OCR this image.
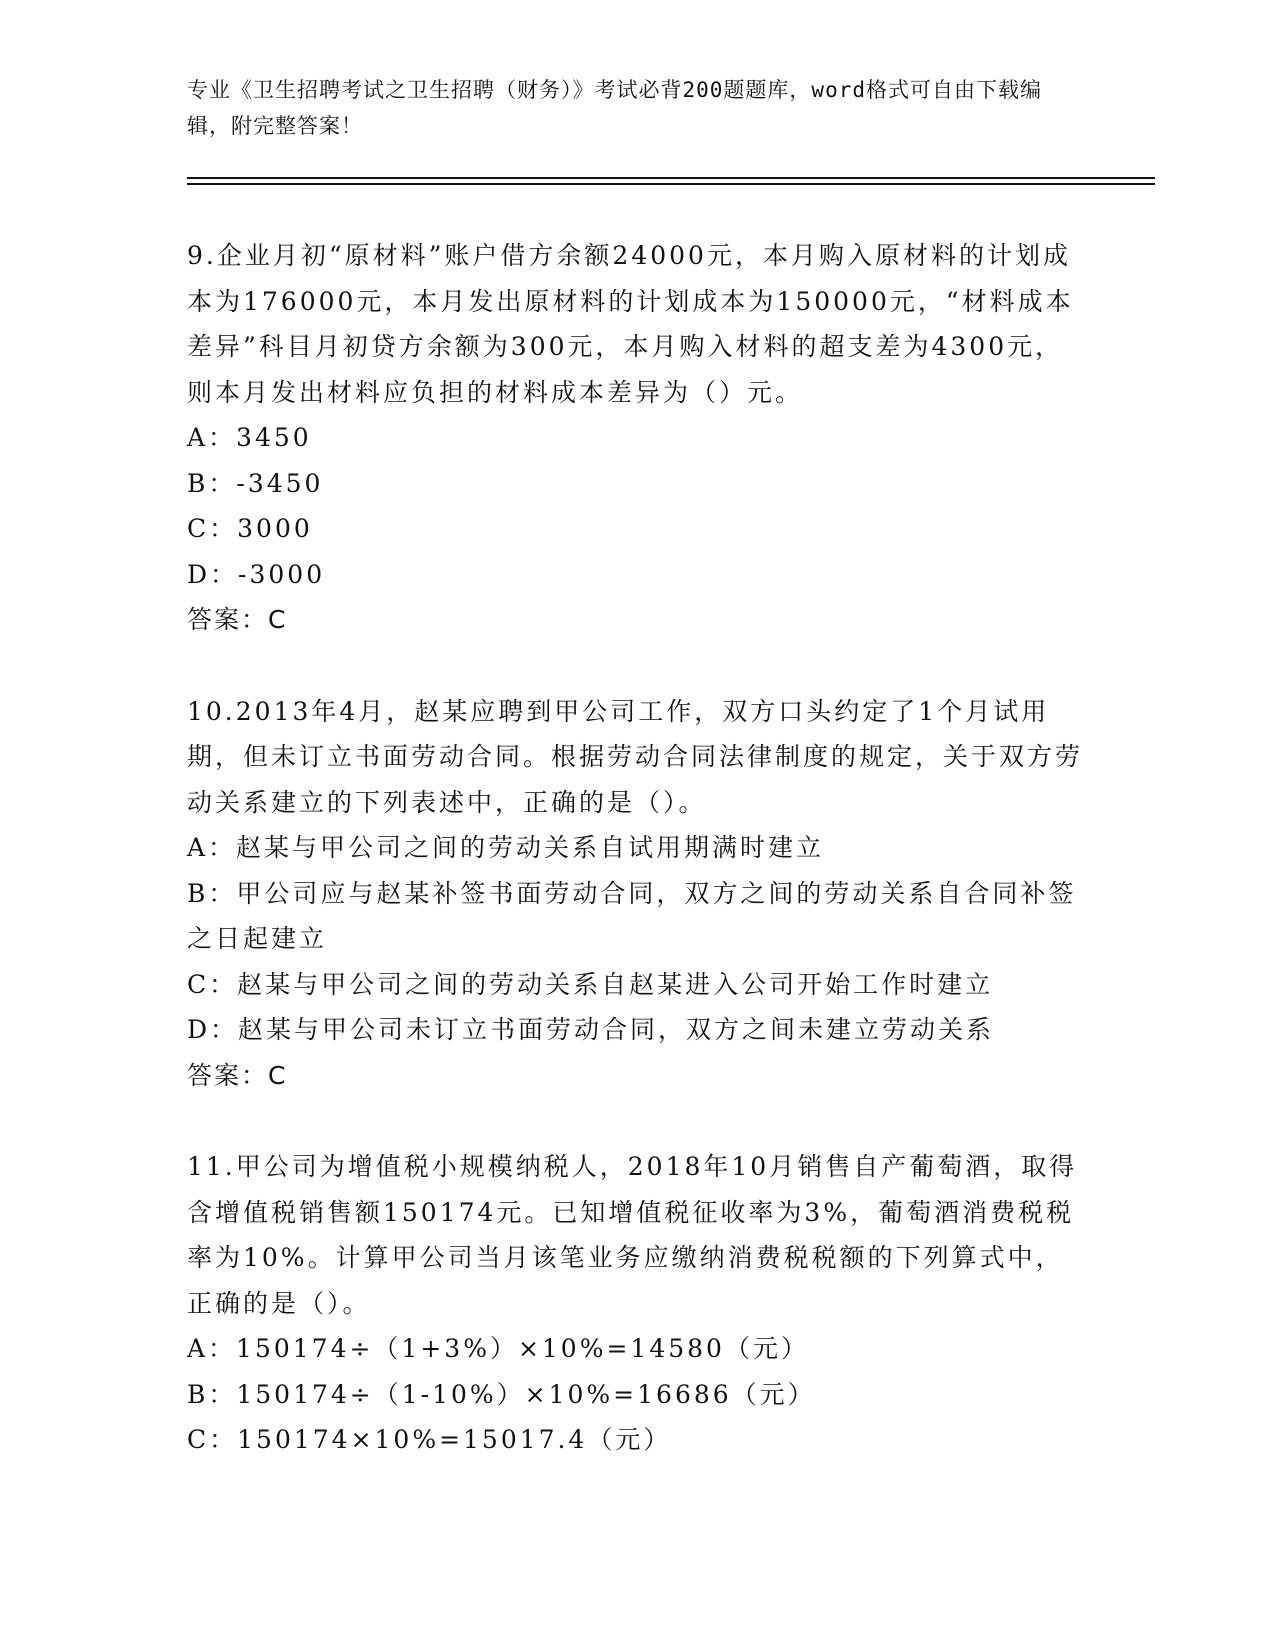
专业《卫生招聘考试之卫生招聘（财务）》考试必背200题题库，word格式可自由下载编辑，附完整答案！

9.企业月初“原材料”账户借方余额24000元，本月购入原材料的计划成本为176000元，本月发出原材料的计划成本为150000元，“材料成本差异”科目月初贷方余额为300元，本月购入材料的超支差为4300元，则本月发出材料应负担的材料成本差异为（）元。

A：3450

B：-3450

C：3000

D：-3000

答案：C

10.2013年4月，赵某应聘到甲公司工作，双方口头约定了1个月试用期，但未订立书面劳动合同。根据劳动合同法律制度的规定，关于双方劳动关系建立的下列表述中，正确的是（）。

A：赵某与甲公司之间的劳动关系自试用期满时建立

B：甲公司应与赵某补签书面劳动合同，双方之间的劳动关系自合同补签之日起建立

C：赵某与甲公司之间的劳动关系自赵某进入公司开始工作时建立

D：赵某与甲公司未订立书面劳动合同，双方之间未建立劳动关系

答案：C

11.甲公司为增值税小规模纳税人，2018年10月销售自产葡萄酒，取得含增值税销售额150174元。已知增值税征收率为3%，葡萄酒消费税税率为10%。计算甲公司当月该笔业务应缴纳消费税税额的下列算式中，正确的是（）。

A：150174÷（1+3%）×10%=14580（元）

B：150174÷（1-10%）×10%=16686（元）

C：150174×10%=15017.4（元）
